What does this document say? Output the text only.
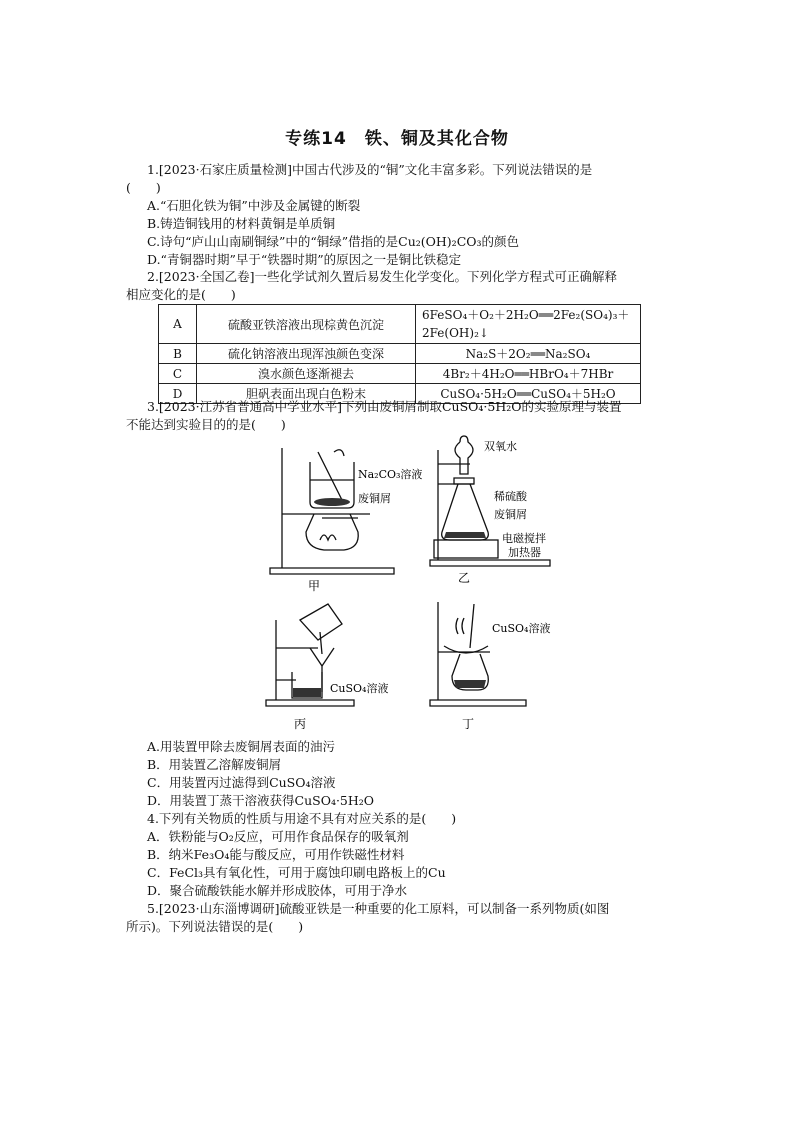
专练14　铁、铜及其化合物
1.[2023·石家庄质量检测]中国古代涉及的“铜”文化丰富多彩。下列说法错误的是
(　　)
A.“石胆化铁为铜”中涉及金属键的断裂
B.铸造铜钱用的材料黄铜是单质铜
C.诗句“庐山山南刷铜绿”中的“铜绿”借指的是Cu₂(OH)₂CO₃的颜色
D.“青铜器时期”早于“铁器时期”的原因之一是铜比铁稳定
2.[2023·全国乙卷]一些化学试剂久置后易发生化学变化。下列化学方程式可正确解释
相应变化的是(　　)
A	硫酸亚铁溶液出现棕黄色沉淀	6FeSO₄＋O₂＋2H₂O══2Fe₂(SO₄)₃＋
2Fe(OH)₂↓

B	硫化钠溶液出现浑浊颜色变深	Na₂S＋2O₂══Na₂SO₄
C	溴水颜色逐渐褪去	4Br₂＋4H₂O══HBrO₄＋7HBr
D	胆矾表面出现白色粉末	CuSO₄·5H₂O══CuSO₄＋5H₂O
3.[2023·江苏省普通高中学业水平]下列由废铜屑制取CuSO₄·5H₂O的实验原理与装置
不能达到实验目的的是(　　)
Na₂CO₃溶液
废铜屑
甲
双氧水
稀硫酸
废铜屑
电磁搅拌
加热器
乙
CuSO₄溶液
丙
CuSO₄溶液
丁
A.用装置甲除去废铜屑表面的油污
B．用装置乙溶解废铜屑
C．用装置丙过滤得到CuSO₄溶液
D．用装置丁蒸干溶液获得CuSO₄·5H₂O
4.下列有关物质的性质与用途不具有对应关系的是(　　)
A．铁粉能与O₂反应，可用作食品保存的吸氧剂
B．纳米Fe₃O₄能与酸反应，可用作铁磁性材料
C．FeCl₃具有氧化性，可用于腐蚀印刷电路板上的Cu
D．聚合硫酸铁能水解并形成胶体，可用于净水
5.[2023·山东淄博调研]硫酸亚铁是一种重要的化工原料，可以制备一系列物质(如图
所示)。下列说法错误的是(　　)
